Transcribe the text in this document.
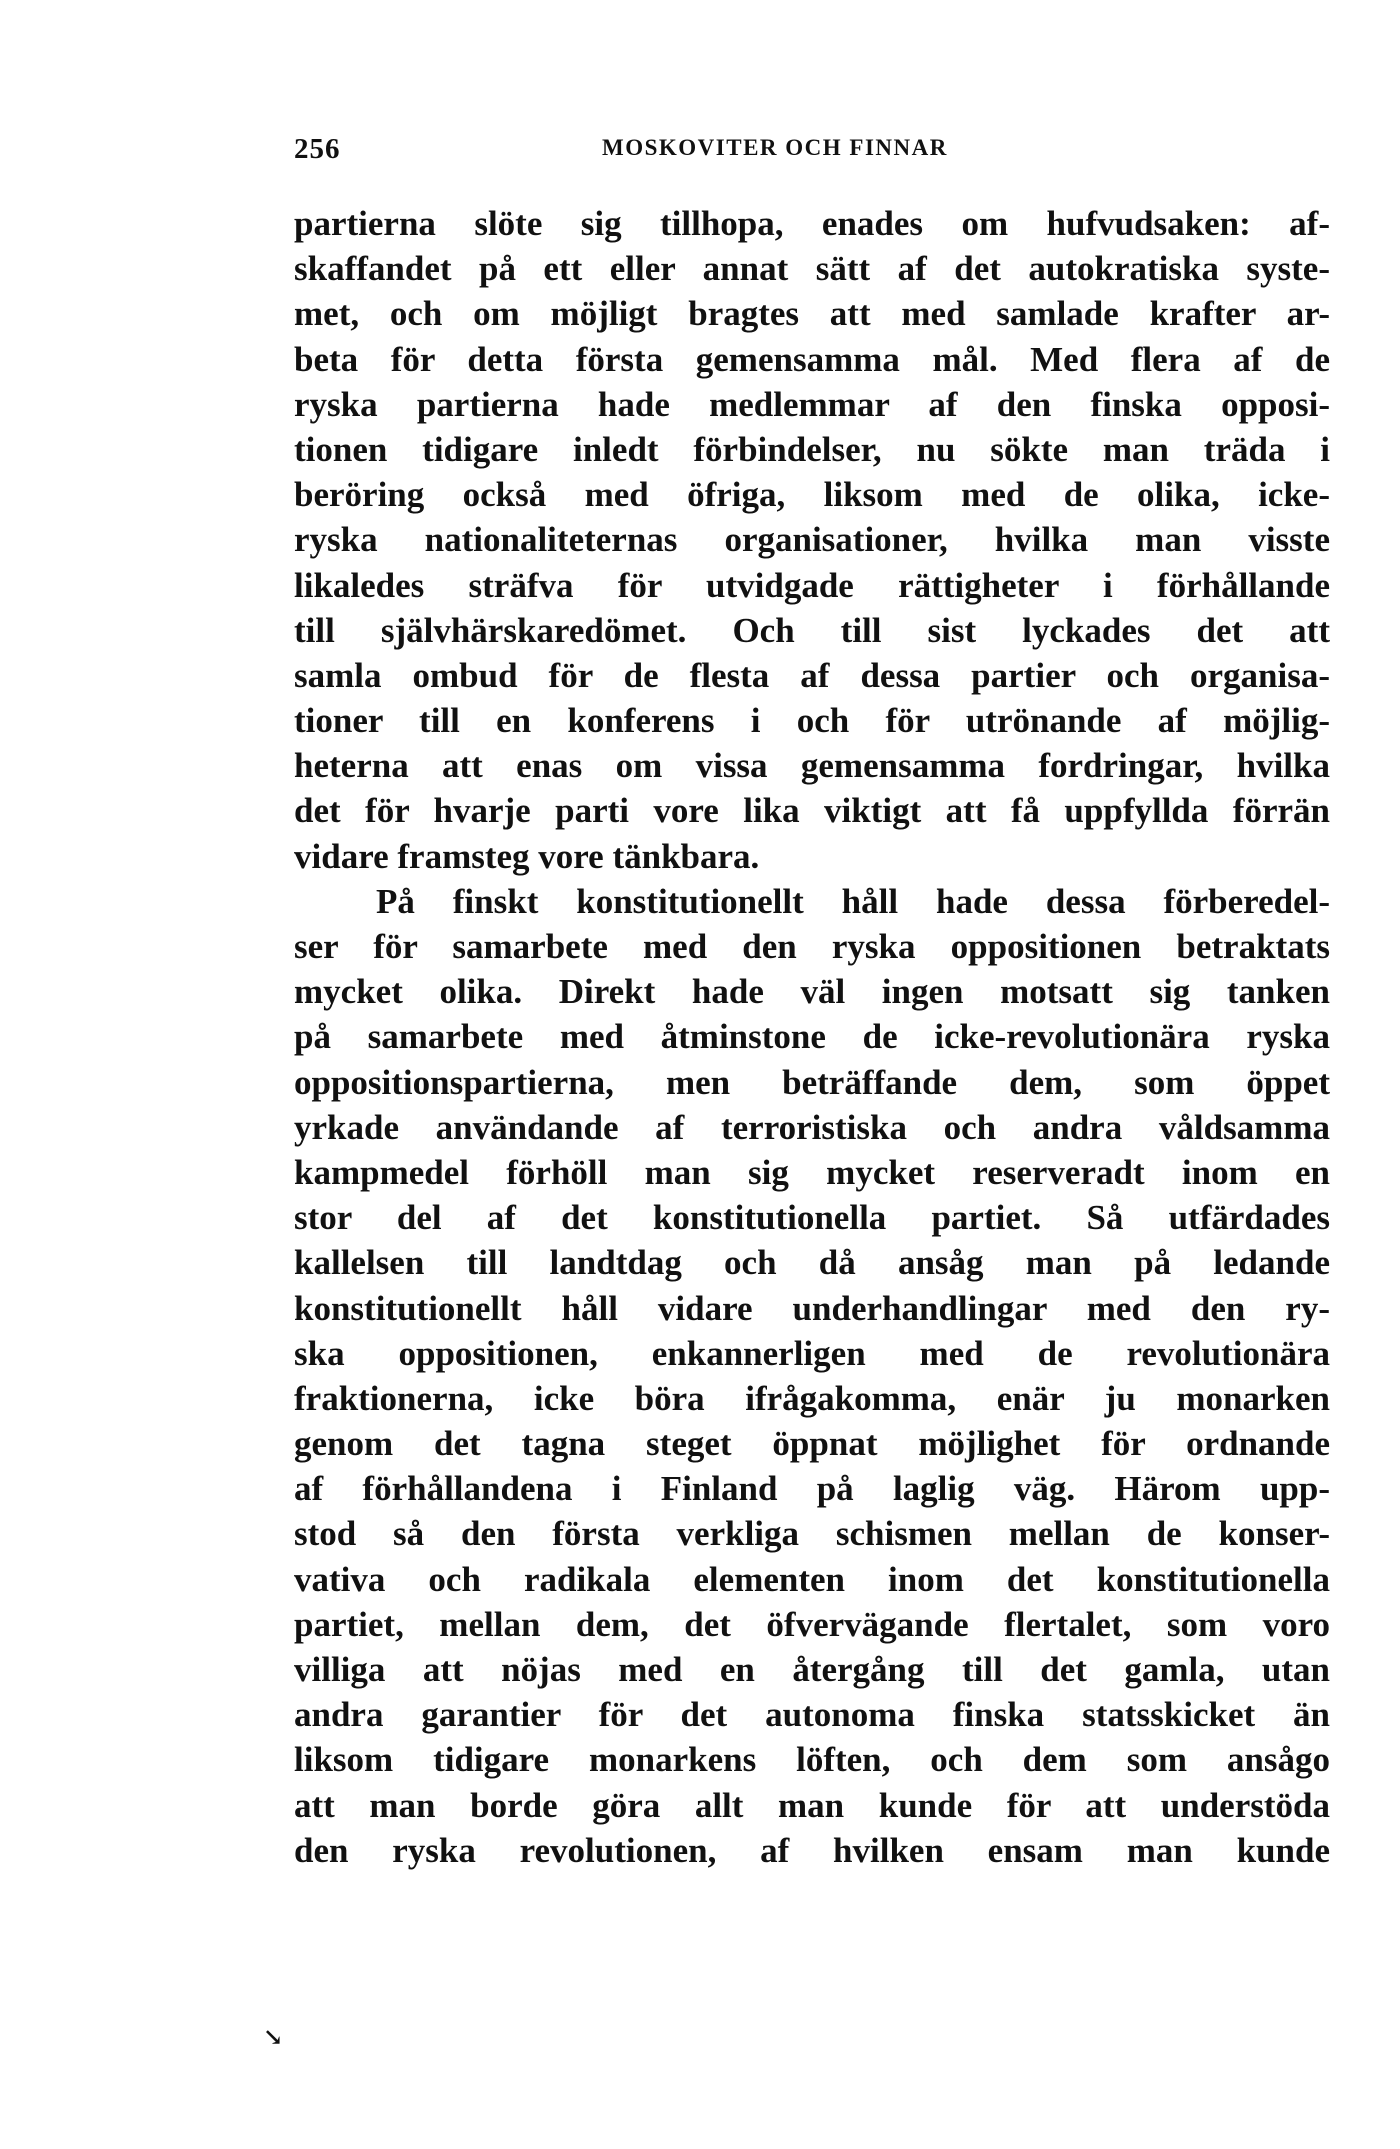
256	MOSKOVITER OCH FINNAR
partierna slöte sig tillhopa, enades om hufvudsaken: af-
skaffandet på ett eller annat sätt af det autokratiska syste-
met, och om möjligt bragtes att med samlade krafter ar-
beta för detta första gemensamma mål. Med flera af de
ryska partierna hade medlemmar af den finska opposi-
tionen tidigare inledt förbindelser, nu sökte man träda i
beröring också med öfriga, liksom med de olika, icke-
ryska nationaliteternas organisationer, hvilka man visste
likaledes sträfva för utvidgade rättigheter i förhållande
till självhärskaredömet. Och till sist lyckades det att
samla ombud för de flesta af dessa partier och organisa-
tioner till en konferens i och för utrönande af möjlig-
heterna att enas om vissa gemensamma fordringar, hvilka
det för hvarje parti vore lika viktigt att få uppfyllda förrän
vidare framsteg vore tänkbara.
På finskt konstitutionellt håll hade dessa förberedel-
ser för samarbete med den ryska oppositionen betraktats
mycket olika. Direkt hade väl ingen motsatt sig tanken
på samarbete med åtminstone de icke-revolutionära ryska
oppositionspartierna, men beträffande dem, som öppet
yrkade användande af terroristiska och andra våldsamma
kampmedel förhöll man sig mycket reserveradt inom en
stor del af det konstitutionella partiet. Så utfärdades
kallelsen till landtdag och då ansåg man på ledande
konstitutionellt håll vidare underhandlingar med den ry-
ska oppositionen, enkannerligen med de revolutionära
fraktionerna, icke böra ifrågakomma, enär ju monarken
genom det tagna steget öppnat möjlighet för ordnande
af förhållandena i Finland på laglig väg. Härom upp-
stod så den första verkliga schismen mellan de konser-
vativa och radikala elementen inom det konstitutionella
partiet, mellan dem, det öfvervägande flertalet, som voro
villiga att nöjas med en återgång till det gamla, utan
andra garantier för det autonoma finska statsskicket än
liksom tidigare monarkens löften, och dem som ansågo
att man borde göra allt man kunde för att understöda
den ryska revolutionen, af hvilken ensam man kunde
↘
